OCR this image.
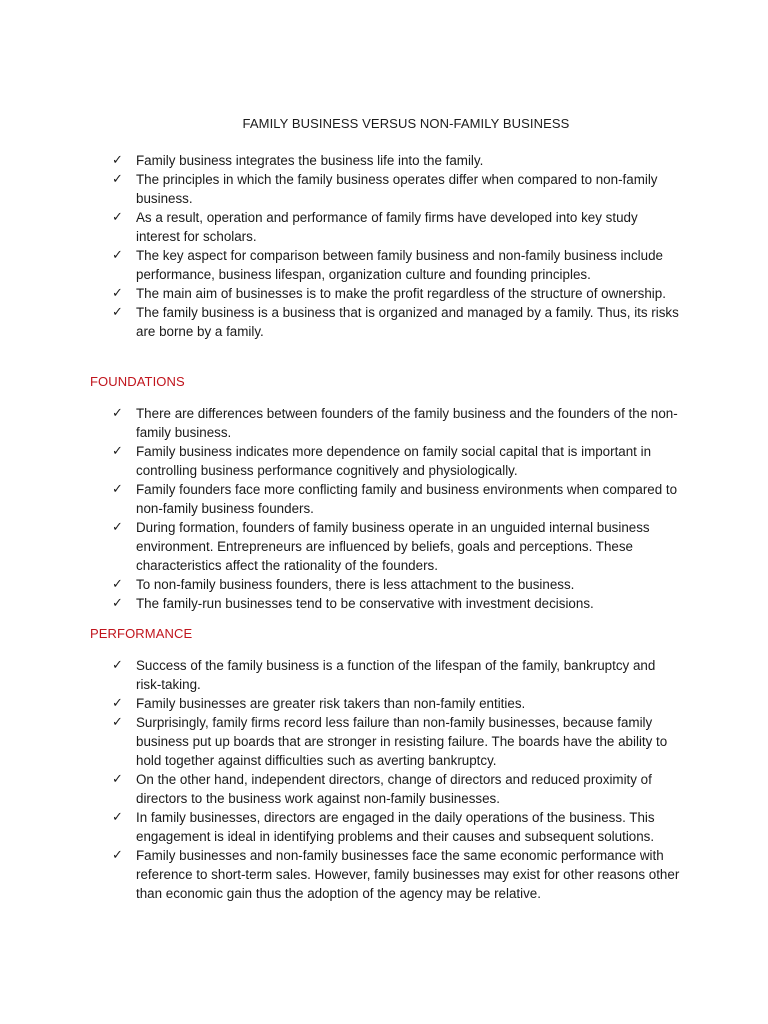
FAMILY BUSINESS VERSUS NON-FAMILY BUSINESS
✓ Family business integrates the business life into the family.
✓ The principles in which the family business operates differ when compared to non-family business.
✓ As a result, operation and performance of family firms have developed into key study interest for scholars.
✓ The key aspect for comparison between family business and non-family business include performance, business lifespan, organization culture and founding principles.
✓ The main aim of businesses is to make the profit regardless of the structure of ownership.
✓ The family business is a business that is organized and managed by a family. Thus, its risks are borne by a family.
FOUNDATIONS
✓ There are differences between founders of the family business and the founders of the non-family business.
✓ Family business indicates more dependence on family social capital that is important in controlling business performance cognitively and physiologically.
✓ Family founders face more conflicting family and business environments when compared to non-family business founders.
✓ During formation, founders of family business operate in an unguided internal business environment. Entrepreneurs are influenced by beliefs, goals and perceptions. These characteristics affect the rationality of the founders.
✓ To non-family business founders, there is less attachment to the business.
✓ The family-run businesses tend to be conservative with investment decisions.
PERFORMANCE
✓ Success of the family business is a function of the lifespan of the family, bankruptcy and risk-taking.
✓ Family businesses are greater risk takers than non-family entities.
✓ Surprisingly, family firms record less failure than non-family businesses, because family business put up boards that are stronger in resisting failure. The boards have the ability to hold together against difficulties such as averting bankruptcy.
✓ On the other hand, independent directors, change of directors and reduced proximity of directors to the business work against non-family businesses.
✓ In family businesses, directors are engaged in the daily operations of the business. This engagement is ideal in identifying problems and their causes and subsequent solutions.
✓ Family businesses and non-family businesses face the same economic performance with reference to short-term sales. However, family businesses may exist for other reasons other than economic gain thus the adoption of the agency may be relative.
